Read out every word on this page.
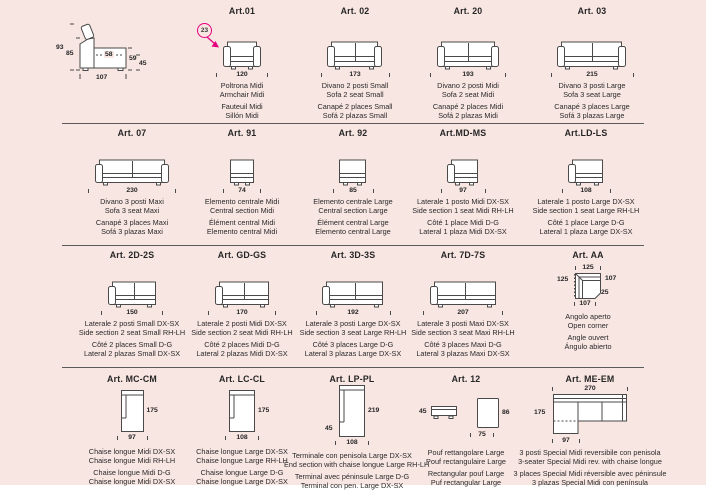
93
85	58
59
45
107
23
Art.01
120
Poltrona Midi
Armchair Midi
Fauteuil Midi
Sillón Midi
Art. 02
173
Divano 2 posti Small
Sofa 2 seat Small
Canapé 2 places Small
Sofá 2 plazas Small
Art. 20
193
Divano 2 posti Midi
Sofa 2 seat Midi
Canapé 2 places Midi
Sofá 2 plazas Midi
Art. 03
215
Divano 3 posti Large
Sofa 3 seat Large
Canapé 3 places Large
Sofá 3 plazas Large
Art. 07
230
Divano 3 posti Maxi
Sofa 3 seat Maxi
Canapé 3 places Maxi
Sofá 3 plazas Maxi
Art. 91
74
Elemento centrale Midi
Central section Midi
Élément central Midi
Elemento central Midi
Art. 92
85
Elemento centrale Large
Central section Large
Élément central Large
Elemento central Large
Art.MD-MS
97
Laterale 1 posto Midi DX-SX
Side section 1 seat Midi RH-LH
Côté 1 place Midi D-G
Lateral 1 plaza Midi DX-SX
Art.LD-LS
108
Laterale 1 posto Large DX-SX
Side section 1 seat Large RH-LH
Côté 1 place Large D-G
Lateral 1 plaza Large DX-SX
Art. 2D-2S
150
Laterale 2 posti Small DX-SX
Side section 2 seat Small RH-LH
Côté 2 places Small D-G
Lateral 2 plazas Small DX-SX
Art. GD-GS
170
Laterale 2 posti Midi DX-SX
Side section 2 seat Midi RH-LH
Côté 2 places Midi D-G
Lateral 2 plazas Midi DX-SX
Art. 3D-3S
192
Laterale 3 posti Large DX-SX
Side section 3 seat Large RH-LH
Côté 3 places Large D-G
Lateral 3 plazas Large DX-SX
Art. 7D-7S
207
Laterale 3 posti Maxi DX-SX
Side section 3 seat Maxi RH-LH
Côté 3 places Maxi D-G
Lateral 3 plazas Maxi DX-SX
Art. AA
125
125	107
25
107
Angolo aperto
Open corner
Angle ouvert
Ángulo abierto
Art. MC-CM
175
97
Chaise longue Midi DX-SX
Chaise longue Midi RH-LH
Chaise longue Midi D-G
Chaise longue Midi DX-SX
Art. LC-CL
175
108
Chaise longue Large DX-SX
Chaise longue Large RH-LH
Chaise longue Large D-G
Chaise longue Large DX-SX
Art. LP-PL
45
219
108
Terminale con penisola Large DX-SX
End section with chaise longue Large RH-LH
Terminal avec péninsule Large D-G
Terminal con pen. Large DX-SX
Art. 12
45	86
75
Pouf rettangolare Large
Pouf rectangulaire Large
Rectangular pouf Large
Puf rectangular Large
Art. ME-EM
270
175
97
3 posti Special Midi reversibile con penisola
3-seater Special Midi rev. with chaise longue
3 places Special Midi réversible avec péninsule
3 plazas Special Midi con península
